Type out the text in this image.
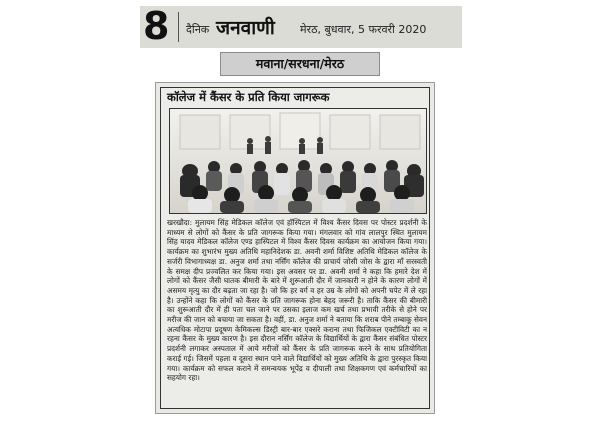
8 दैनिक जनवाणी मेरठ, बुधवार, 5 फरवरी 2020
मवाना/सरधना/मेरठ
कॉलेज में कैंसर के प्रति किया जागरूक
खरखौदा: मुलायम सिंह मेडिकल कॉलेज एवं हॉस्पिटल में विश्व कैंसर दिवस पर पोस्टर प्रदर्शनी के माध्यम से लोगों को कैंसर के प्रति जागरूक किया गया। मंगलवार को गांव लालपुर स्थित मुलायम सिंह यादव मेडिकल कॉलेज एण्ड हास्पिटल में विश्व कैंसर दिवस कार्यक्रम का आयोजन किया गया। कार्यक्रम का शुभारंभ मुख्य अतिथि महानिदेशक डा. अवनी शर्मा विशिष्ट अतिथि मेडिकल कॉलेज के सर्जरी विभागाध्यक्ष डा. अनुज शर्मा तथा नर्सिंग कॉलेज की प्राचार्य जोसी जोस के द्वारा माँ सरस्वती के समक्ष दीप प्रज्वलित कर किया गया। इस अवसर पर डा. अवनी शर्मा ने कहा कि हमारे देश में लोगों को कैंसर जैसी घातक बीमारी के बारे में शुरूआती दौर में जानकारी न होने के कारण लोगों में असमय मृत्यु का दौर बढ़ता जा रहा है। जो कि हर वर्ग व हर उम्र के लोगों को अपनी चपेट में ले रहा है। उन्होंने कहा कि लोगों को कैंसर के प्रति जागरूक होना बेहद जरूरी है। ताकि कैंसर की बीमारी का शुरूआती दौर में ही पता चल जाने पर उसका इलाज कम खर्च तथा प्रभावी तरीके से होने पर मरीज की जान को बचाया जा सकता है। वहीं, डा. अनुज शर्मा ने बताया कि शराब पीने तम्बाकू सेवन अत्यधिक मोटापा प्रदूषण केमिकल्स डिस्ट्री बार-बार एक्सरे कराना तथा फिजिकल एक्टीविटी का न रहना कैंसर के मुख्य कारण है। इस दौरान नर्सिंग कॉलेज के विद्यार्थियों के द्वारा कैंसर संबंधित पोस्टर प्रदर्शनी लगाकर अस्पताल में आये मरीजों को कैंसर के प्रति जागरूक करने के साथ प्रतियोगिता कराई गई। जिसमें पहला व दूसरा स्थान पाने वाले विद्यार्थियों को मुख्य अतिथि के द्वारा पुरस्कृत किया गया। कार्यक्रम को सफल कराने में समन्वयक भूपेंद्र व दीपाली तथा शिक्षकगण एवं कर्मचारियों का सहयोग रहा।
